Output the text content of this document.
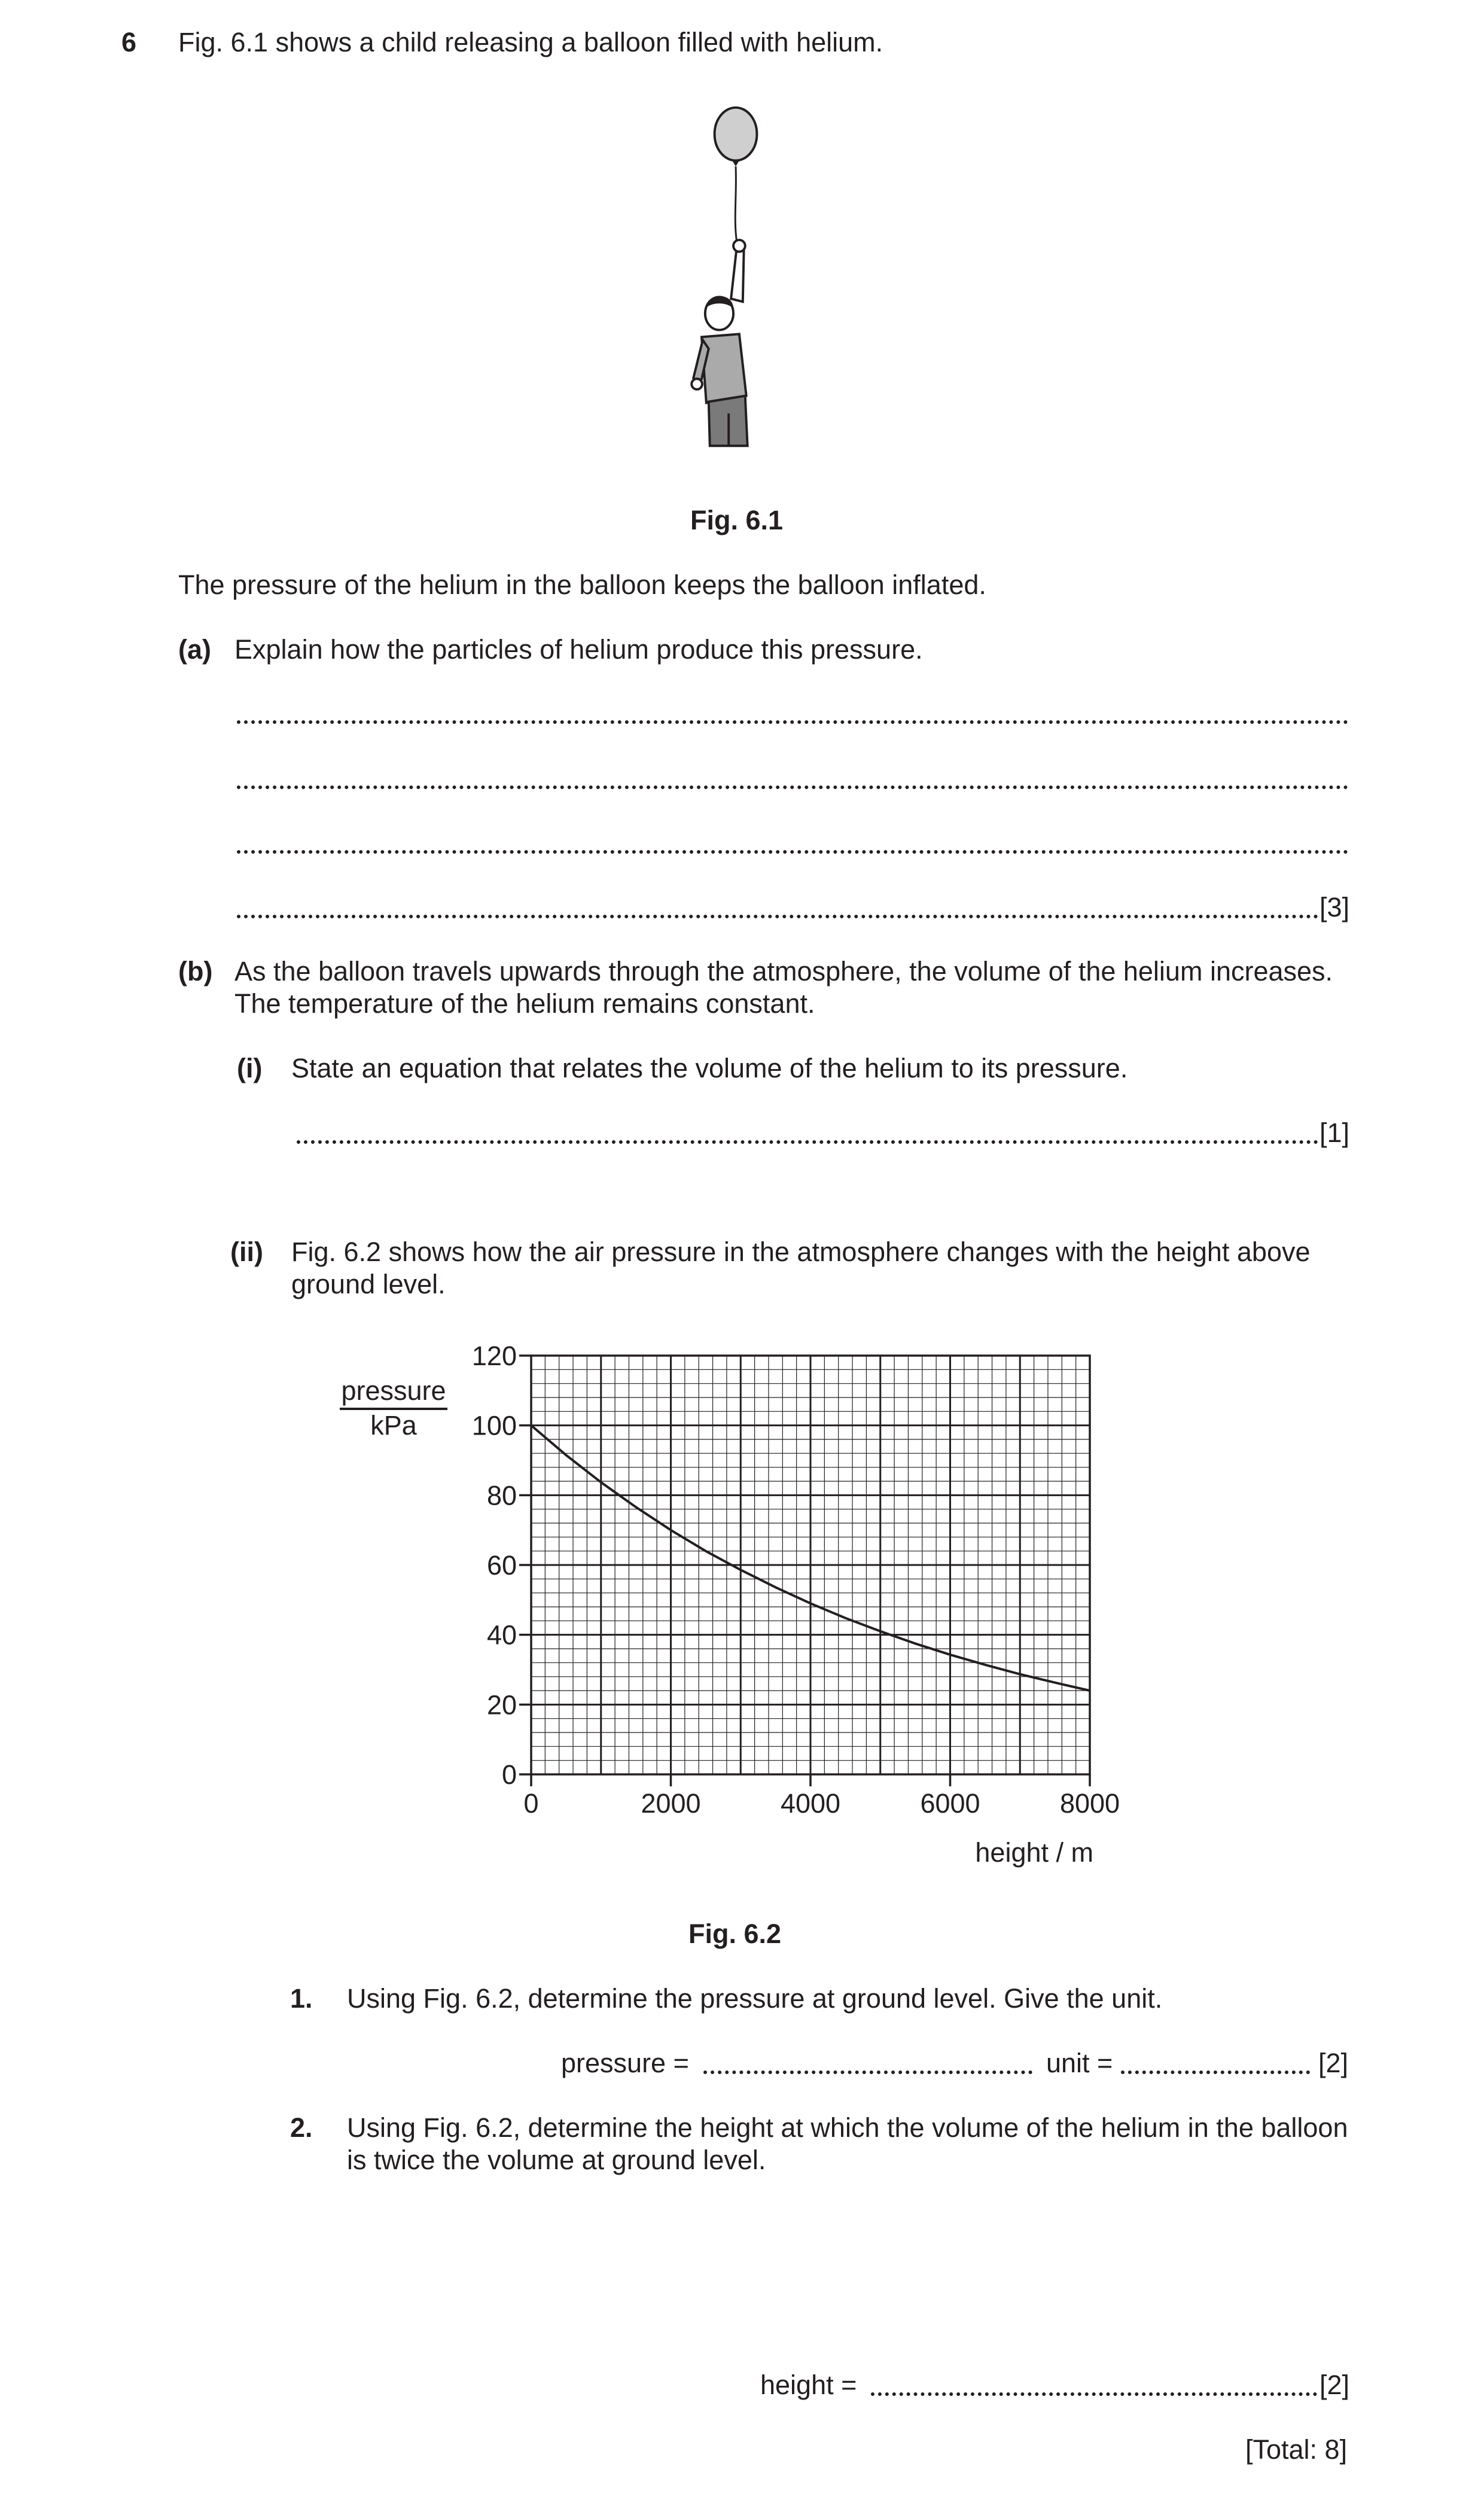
6 Fig. 6.1 shows a child releasing a balloon filled with helium.
Fig. 6.1
The pressure of the helium in the balloon keeps the balloon inflated.
(a) Explain how the particles of helium produce this pressure.
[3]
(b) As the balloon travels upwards through the atmosphere, the volume of the helium increases.
The temperature of the helium remains constant.
(i) State an equation that relates the volume of the helium to its pressure.
[1]
(ii) Fig. 6.2 shows how the air pressure in the atmosphere changes with the height above
ground level.
0
20
40
60
80
100
120
0	2000	4000	6000	8000
pressure
kPa
height / m
Fig. 6.2
1. Using Fig. 6.2, determine the pressure at ground level. Give the unit.
pressure =	unit =	[2]
2. Using Fig. 6.2, determine the height at which the volume of the helium in the balloon
is twice the volume at ground level.
height =	[2]
[Total: 8]
